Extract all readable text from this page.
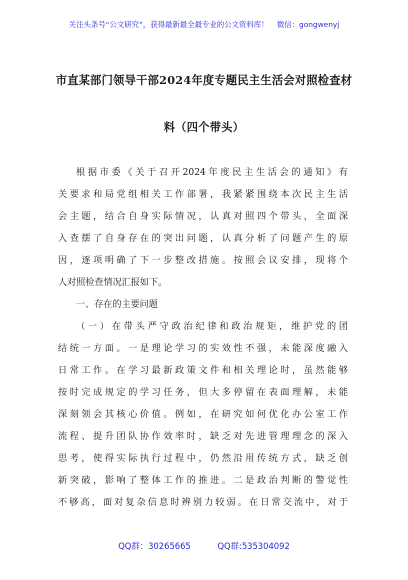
关注头条号“公文研究”，获得最新最全最专业的公文资料库！ 微信：gongwenyj
市直某部门领导干部2024年度专题民主生活会对照检查材
料（四个带头）
根据市委《关于召开2024年度民主生活会的通知》有
关要求和局党组相关工作部署，我紧紧围绕本次民主生活
会主题，结合自身实际情况，认真对照四个带头，全面深
入查摆了自身存在的突出问题，认真分析了问题产生的原
因，逐项明确了下一步整改措施。按照会议安排，现将个
人对照检查情况汇报如下。
一、存在的主要问题
（一）在带头严守政治纪律和政治规矩，维护党的团
结统一方面。一是理论学习的实效性不强，未能深度融入
日常工作。在学习最新政策文件和相关理论时，虽然能够
按时完成规定的学习任务，但大多停留在表面理解，未能
深刻领会其核心价值。例如，在研究如何优化办公室工作
流程、提升团队协作效率时，缺乏对先进管理理念的深入
思考，使得实际执行过程中，仍然沿用传统方式，缺乏创
新突破，影响了整体工作的推进。二是政治判断的警觉性
不够高，面对复杂信息时辨别力较弱。在日常交流中，对于
QQ群：30265665	QQ群:535304092
